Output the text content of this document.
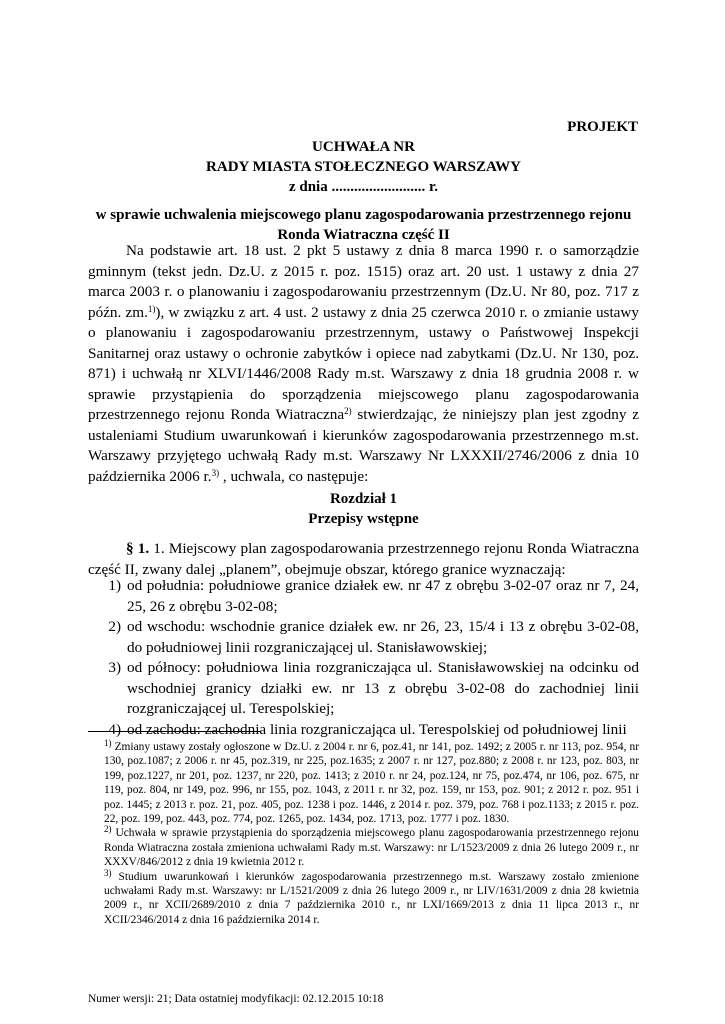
PROJEKT
UCHWAŁA NR
RADY MIASTA STOŁECZNEGO WARSZAWY
z dnia ......................... r.
w sprawie uchwalenia miejscowego planu zagospodarowania przestrzennego rejonu
Ronda Wiatraczna część II
Na podstawie art. 18 ust. 2 pkt 5 ustawy z dnia 8 marca 1990 r. o samorządzie gminnym (tekst jedn. Dz.U. z 2015 r. poz. 1515) oraz art. 20 ust. 1 ustawy z dnia 27 marca 2003 r. o planowaniu i zagospodarowaniu przestrzennym (Dz.U. Nr 80, poz. 717 z późn. zm.$^{1)}$), w związku z art. 4 ust. 2 ustawy z dnia 25 czerwca 2010 r. o zmianie ustawy o planowaniu i zagospodarowaniu przestrzennym, ustawy o Państwowej Inspekcji Sanitarnej oraz ustawy o ochronie zabytków i opiece nad zabytkami (Dz.U. Nr 130, poz. 871) i uchwałą nr XLVI/1446/2008 Rady m.st. Warszawy z dnia 18 grudnia 2008 r. w sprawie przystąpienia do sporządzenia miejscowego planu zagospodarowania przestrzennego rejonu Ronda Wiatraczna$^{2)}$ stwierdzając, że niniejszy plan jest zgodny z ustaleniami Studium uwarunkowań i kierunków zagospodarowania przestrzennego m.st. Warszawy przyjętego uchwałą Rady m.st. Warszawy Nr LXXXII/2746/2006 z dnia 10 października 2006 r.$^{3)}$ , uchwala, co następuje:
Rozdział 1
Przepisy wstępne
§ 1. 1. Miejscowy plan zagospodarowania przestrzennego rejonu Ronda Wiatraczna część II, zwany dalej „planem”, obejmuje obszar, którego granice wyznaczają:
1) od południa: południowe granice działek ew. nr 47 z obrębu 3-02-07 oraz nr 7, 24, 25, 26 z obrębu 3-02-08;
2) od wschodu: wschodnie granice działek ew. nr 26, 23, 15/4 i 13 z obrębu 3-02-08, do południowej linii rozgraniczającej ul. Stanisławowskiej;
3) od północy: południowa linia rozgraniczająca ul. Stanisławowskiej na odcinku od wschodniej granicy działki ew. nr 13 z obrębu 3-02-08 do zachodniej linii rozgraniczającej ul. Terespolskiej;
4) od zachodu: zachodnia linia rozgraniczająca ul. Terespolskiej od południowej linii

$^{1)}$ Zmiany ustawy zostały ogłoszone w Dz.U. z 2004 r. nr 6, poz.41, nr 141, poz. 1492; z 2005 r. nr 113, poz. 954, nr 130, poz.1087; z 2006 r. nr 45, poz.319, nr 225, poz.1635; z 2007 r. nr 127, poz.880; z 2008 r. nr 123, poz. 803, nr 199, poz.1227, nr 201, poz. 1237, nr 220, poz. 1413; z 2010 r. nr 24, poz.124, nr 75, poz.474, nr 106, poz. 675, nr 119, poz. 804, nr 149, poz. 996, nr 155, poz. 1043, z 2011 r. nr 32, poz. 159, nr 153, poz. 901; z 2012 r. poz. 951 i poz. 1445; z 2013 r. poz. 21, poz. 405, poz. 1238 i poz. 1446, z 2014 r. poz. 379, poz. 768 i poz.1133; z 2015 r. poz. 22, poz. 199, poz. 443, poz. 774, poz. 1265, poz. 1434, poz. 1713, poz. 1777 i poz. 1830.

$^{2)}$ Uchwała w sprawie przystąpienia do sporządzenia miejscowego planu zagospodarowania przestrzennego rejonu Ronda Wiatraczna została zmieniona uchwałami Rady m.st. Warszawy: nr L/1523/2009 z dnia 26 lutego 2009 r., nr XXXV/846/2012 z dnia 19 kwietnia 2012 r.

$^{3)}$ Studium uwarunkowań i kierunków zagospodarowania przestrzennego m.st. Warszawy zostało zmienione uchwałami Rady m.st. Warszawy: nr L/1521/2009 z dnia 26 lutego 2009 r., nr LIV/1631/2009 z dnia 28 kwietnia 2009 r., nr XCII/2689/2010 z dnia 7 października 2010 r., nr LXI/1669/2013 z dnia 11 lipca 2013 r., nr XCII/2346/2014 z dnia 16 października 2014 r.

Numer wersji: 21; Data ostatniej modyfikacji: 02.12.2015 10:18
